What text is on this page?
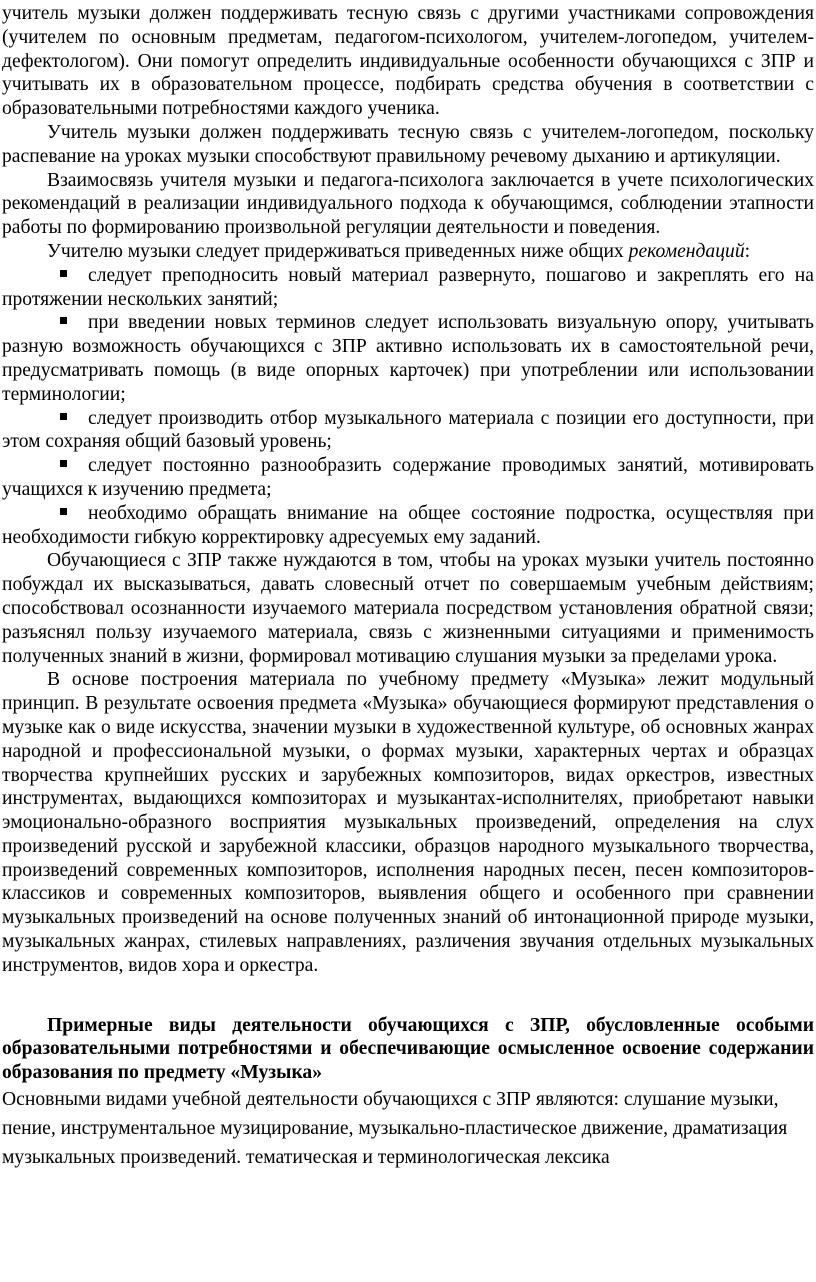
учитель музыки должен поддерживать тесную связь с другими участниками сопровождения (учителем по основным предметам, педагогом-психологом, учителем-логопедом, учителем-дефектологом). Они помогут определить индивидуальные особенности обучающихся с ЗПР и учитывать их в образовательном процессе, подбирать средства обучения в соответствии с образовательными потребностями каждого ученика.

Учитель музыки должен поддерживать тесную связь с учителем-логопедом, поскольку распевание на уроках музыки способствуют правильному речевому дыханию и артикуляции.

Взаимосвязь учителя музыки и педагога-психолога заключается в учете психологических рекомендаций в реализации индивидуального подхода к обучающимся, соблюдении этапности работы по формированию произвольной регуляции деятельности и поведения.

Учителю музыки следует придерживаться приведенных ниже общих рекомендаций:

следует преподносить новый материал развернуто, пошагово и закреплять его на протяжении нескольких занятий;

при введении новых терминов следует использовать визуальную опору, учитывать разную возможность обучающихся с ЗПР активно использовать их в самостоятельной речи, предусматривать помощь (в виде опорных карточек) при употреблении или использовании терминологии;

следует производить отбор музыкального материала с позиции его доступности, при этом сохраняя общий базовый уровень;

следует постоянно разнообразить содержание проводимых занятий, мотивировать учащихся к изучению предмета;

необходимо обращать внимание на общее состояние подростка, осуществляя при необходимости гибкую корректировку адресуемых ему заданий.

Обучающиеся с ЗПР также нуждаются в том, чтобы на уроках музыки учитель постоянно побуждал их высказываться, давать словесный отчет по совершаемым учебным действиям; способствовал осознанности изучаемого материала посредством установления обратной связи; разъяснял пользу изучаемого материала, связь с жизненными ситуациями и применимость полученных знаний в жизни, формировал мотивацию слушания музыки за пределами урока.

В основе построения материала по учебному предмету «Музыка» лежит модульный принцип. В результате освоения предмета «Музыка» обучающиеся формируют представления о музыке как о виде искусства, значении музыки в художественной культуре, об основных жанрах народной и профессиональной музыки, о формах музыки, характерных чертах и образцах творчества крупнейших русских и зарубежных композиторов, видах оркестров, известных инструментах, выдающихся композиторах и музыкантах-исполнителях, приобретают навыки эмоционально-образного восприятия музыкальных произведений, определения на слух произведений русской и зарубежной классики, образцов народного музыкального творчества, произведений современных композиторов, исполнения народных песен, песен композиторов-классиков и современных композиторов, выявления общего и особенного при сравнении музыкальных произведений на основе полученных знаний об интонационной природе музыки, музыкальных жанрах, стилевых направлениях, различения звучания отдельных музыкальных инструментов, видов хора и оркестра.

Примерные виды деятельности обучающихся с ЗПР, обусловленные особыми образовательными потребностями и обеспечивающие осмысленное освоение содержании образования по предмету «Музыка»

Основными видами учебной деятельности обучающихся с ЗПР являются: слушание музыки, пение, инструментальное музицирование, музыкально-пластическое движение, драматизация музыкальных произведений. тематическая и терминологическая лексика
